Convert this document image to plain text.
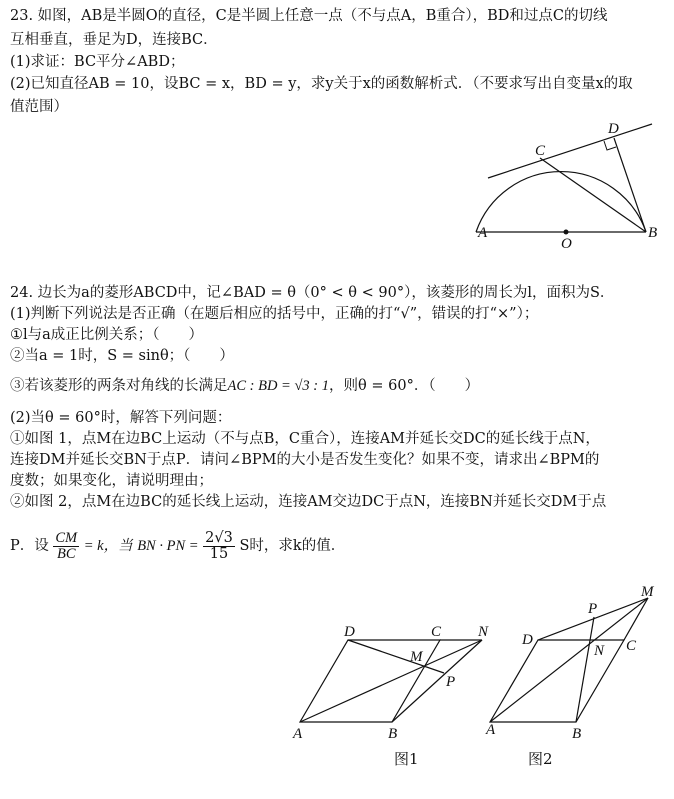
23. 如图，AB是半圆O的直径，C是半圆上任意一点（不与点A，B重合），BD和过点C的切线
互相垂直，垂足为D，连接BC．
(1)求证：BC平分∠ABD；
(2)已知直径AB = 10，设BC = x，BD = y，求y关于x的函数解析式．（不要求写出自变量x的取
值范围）
A	B
C
D
O
24. 边长为a的菱形ABCD中，记∠BAD = θ（0° < θ < 90°），该菱形的周长为l，面积为S．
(1)判断下列说法是否正确（在题后相应的括号中，正确的打“√”，错误的打“×”）；
①l与a成正比例关系；（　　）
②当a = 1时，S = sinθ；（　　）
③若该菱形的两条对角线的长满足AC : BD = √3 : 1，则θ = 60°．（　　）
(2)当θ = 60°时，解答下列问题：
①如图 1，点M在边BC上运动（不与点B，C重合），连接AM并延长交DC的延长线于点N，
连接DM并延长交BN于点P．请问∠BPM的大小是否发生变化？如果不变，请求出∠BPM的
度数；如果变化，请说明理由；
②如图 2，点M在边BC的延长线上运动，连接AM交边DC于点N，连接BN并延长交DM于点
P．设 $\frac{CM}{BC} = k$，当 BN · PN = $\frac{2√3}{15}$ S时，求k的值．
A	B
C
D
M
N
P
图1
A	B
C
D
M
N
P
图2
